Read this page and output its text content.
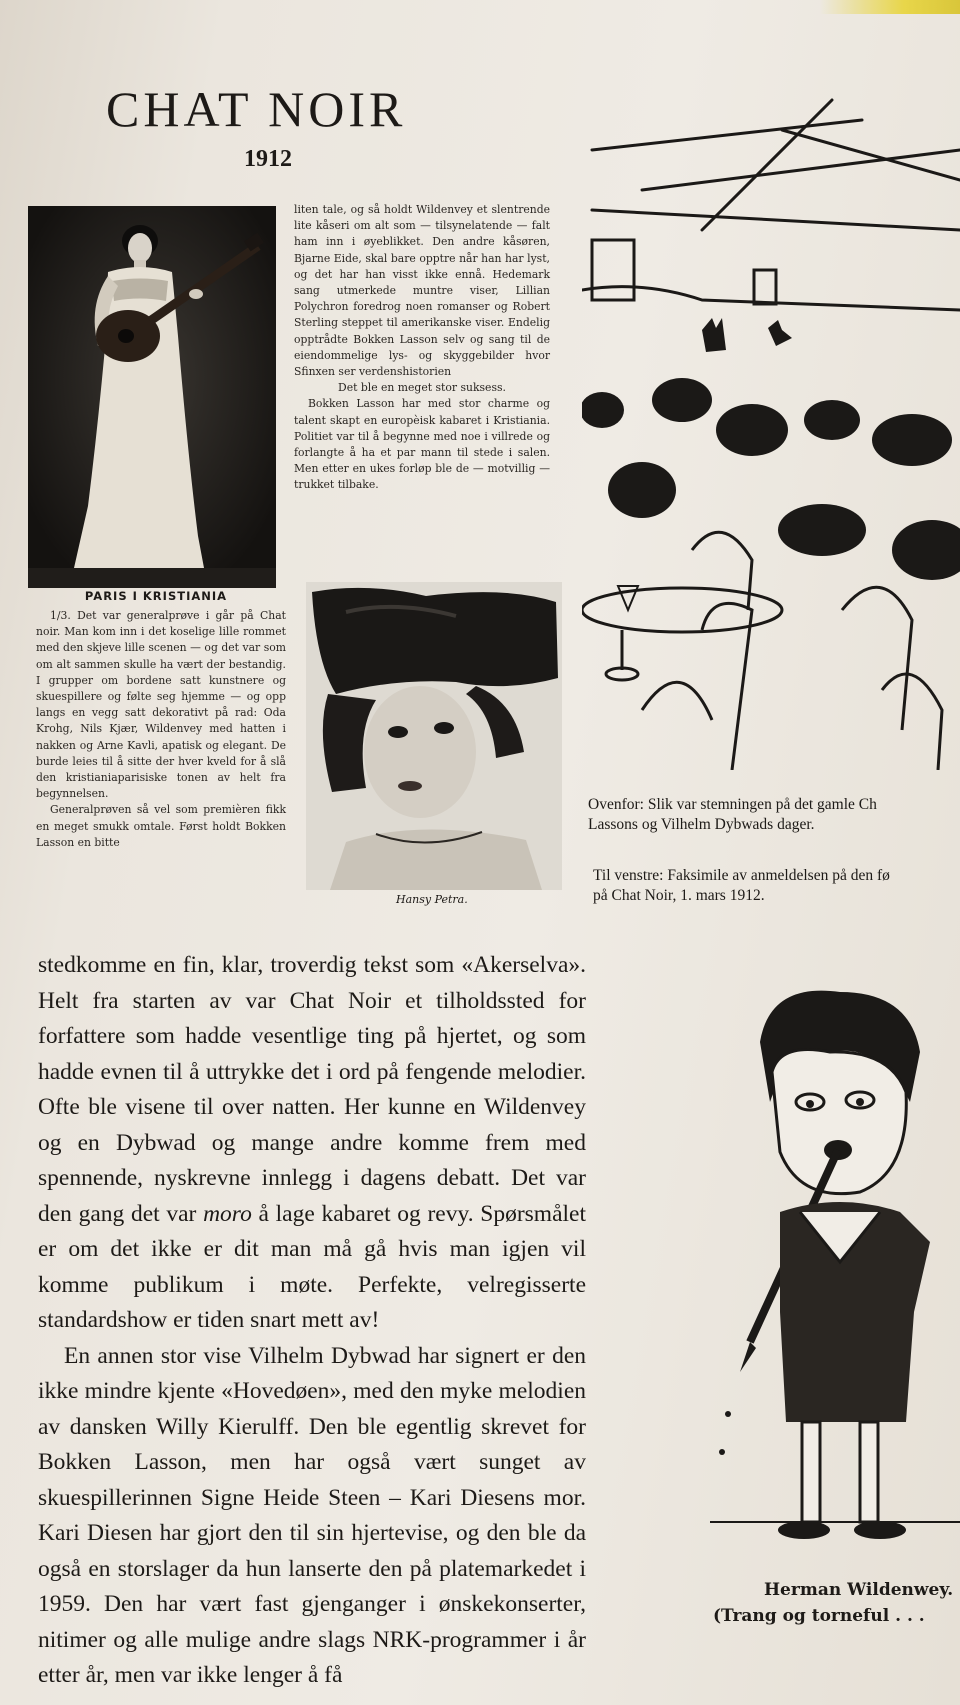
CHAT NOIR
1912
PARIS I KRISTIANIA

1/3. Det var generalprøve i går på Chat noir. Man kom inn i det koselige lille rommet med den skjeve lille scenen — og det var som om alt sammen skulle ha vært der bestandig. I grupper om bordene satt kunstnere og skuespillere og følte seg hjemme — og opp langs en vegg satt dekorativt på rad: Oda Krohg, Nils Kjær, Wildenvey med hatten i nakken og Arne Kavli, apatisk og elegant. De burde leies til å sitte der hver kveld for å slå den kristianiaparisiske tonen av helt fra begynnelsen.

Generalprøven så vel som premièren fikk en meget smukk omtale. Først holdt Bokken Lasson en bitte

liten tale, og så holdt Wildenvey et slentrende lite kåseri om alt som — tilsynelatende — falt ham inn i øyeblikket. Den andre kåsøren, Bjarne Eide, skal bare opptre når han har lyst, og det har han visst ikke ennå. Hedemark sang utmerkede muntre viser, Lillian Polychron foredrog noen romanser og Robert Sterling steppet til amerikanske viser. Endelig opptrådte Bokken Lasson selv og sang til de eiendommelige lys- og skyggebilder hvor Sfinxen ser verdenshistorien

Det ble en meget stor suksess.

Bokken Lasson har med stor charme og talent skapt en europèisk kabaret i Kristiania. Politiet var til å begynne med noe i villrede og forlangte å ha et par mann til stede i salen. Men etter en ukes forløp ble de — motvillig — trukket tilbake.

Hansy Petra.
Ovenfor: Slik var stemningen på det gamle Ch
Lassons og Vilhelm Dybwads dager.
Til venstre: Faksimile av anmeldelsen på den fø
på Chat Noir, 1. mars 1912.

stedkomme en fin, klar, troverdig tekst som «Akerselva». Helt fra starten av var Chat Noir et tilholdssted for forfattere som hadde vesentlige ting på hjertet, og som hadde evnen til å uttrykke det i ord på fengende melodier. Ofte ble visene til over natten. Her kunne en Wildenvey og en Dybwad og mange andre komme frem med spennende, nyskrevne innlegg i dagens debatt. Det var den gang det var moro å lage kabaret og revy. Spørsmålet er om det ikke er dit man må gå hvis man igjen vil komme publikum i møte. Perfekte, velregisserte standardshow er tiden snart mett av!

En annen stor vise Vilhelm Dybwad har signert er den ikke mindre kjente «Hovedøen», med den myke melodien av dansken Willy Kierulff. Den ble egentlig skrevet for Bokken Lasson, men har også vært sunget av skuespillerinnen Signe Heide Steen – Kari Diesens mor. Kari Diesen har gjort den til sin hjertevise, og den ble da også en storslager da hun lanserte den på platemarkedet i 1959. Den har vært fast gjenganger i ønskekonserter, nitimer og alle mulige andre slags NRK-programmer i år etter år, men var ikke lenger å få

Herman Wildenwey.
(Trang og torneful . . .
